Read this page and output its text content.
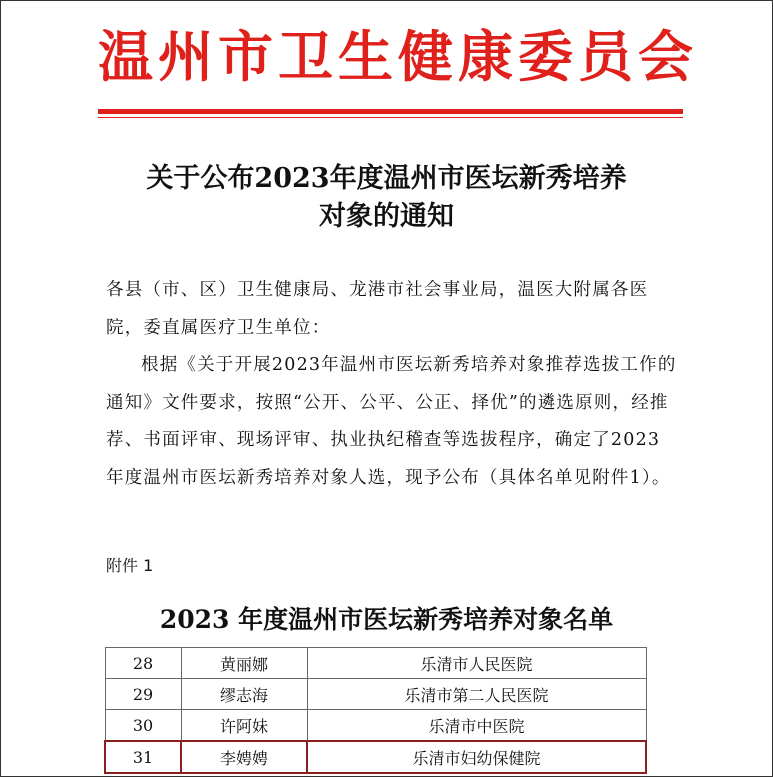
温州市卫生健康委员会
关于公布2023年度温州市医坛新秀培养
对象的通知

各县（市、区）卫生健康局、龙港市社会事业局，温医大附属各医院，委直属医疗卫生单位：

根据《关于开展2023年温州市医坛新秀培养对象推荐选拔工作的通知》文件要求，按照“公开、公平、公正、择优”的遴选原则，经推荐、书面评审、现场评审、执业执纪稽查等选拔程序，确定了2023年度温州市医坛新秀培养对象人选，现予公布（具体名单见附件1）。

附件 1
2023 年度温州市医坛新秀培养对象名单
28	黄丽娜	乐清市人民医院
29	缪志海	乐清市第二人民医院
30	许阿妹	乐清市中医院
31	李娉娉	乐清市妇幼保健院
